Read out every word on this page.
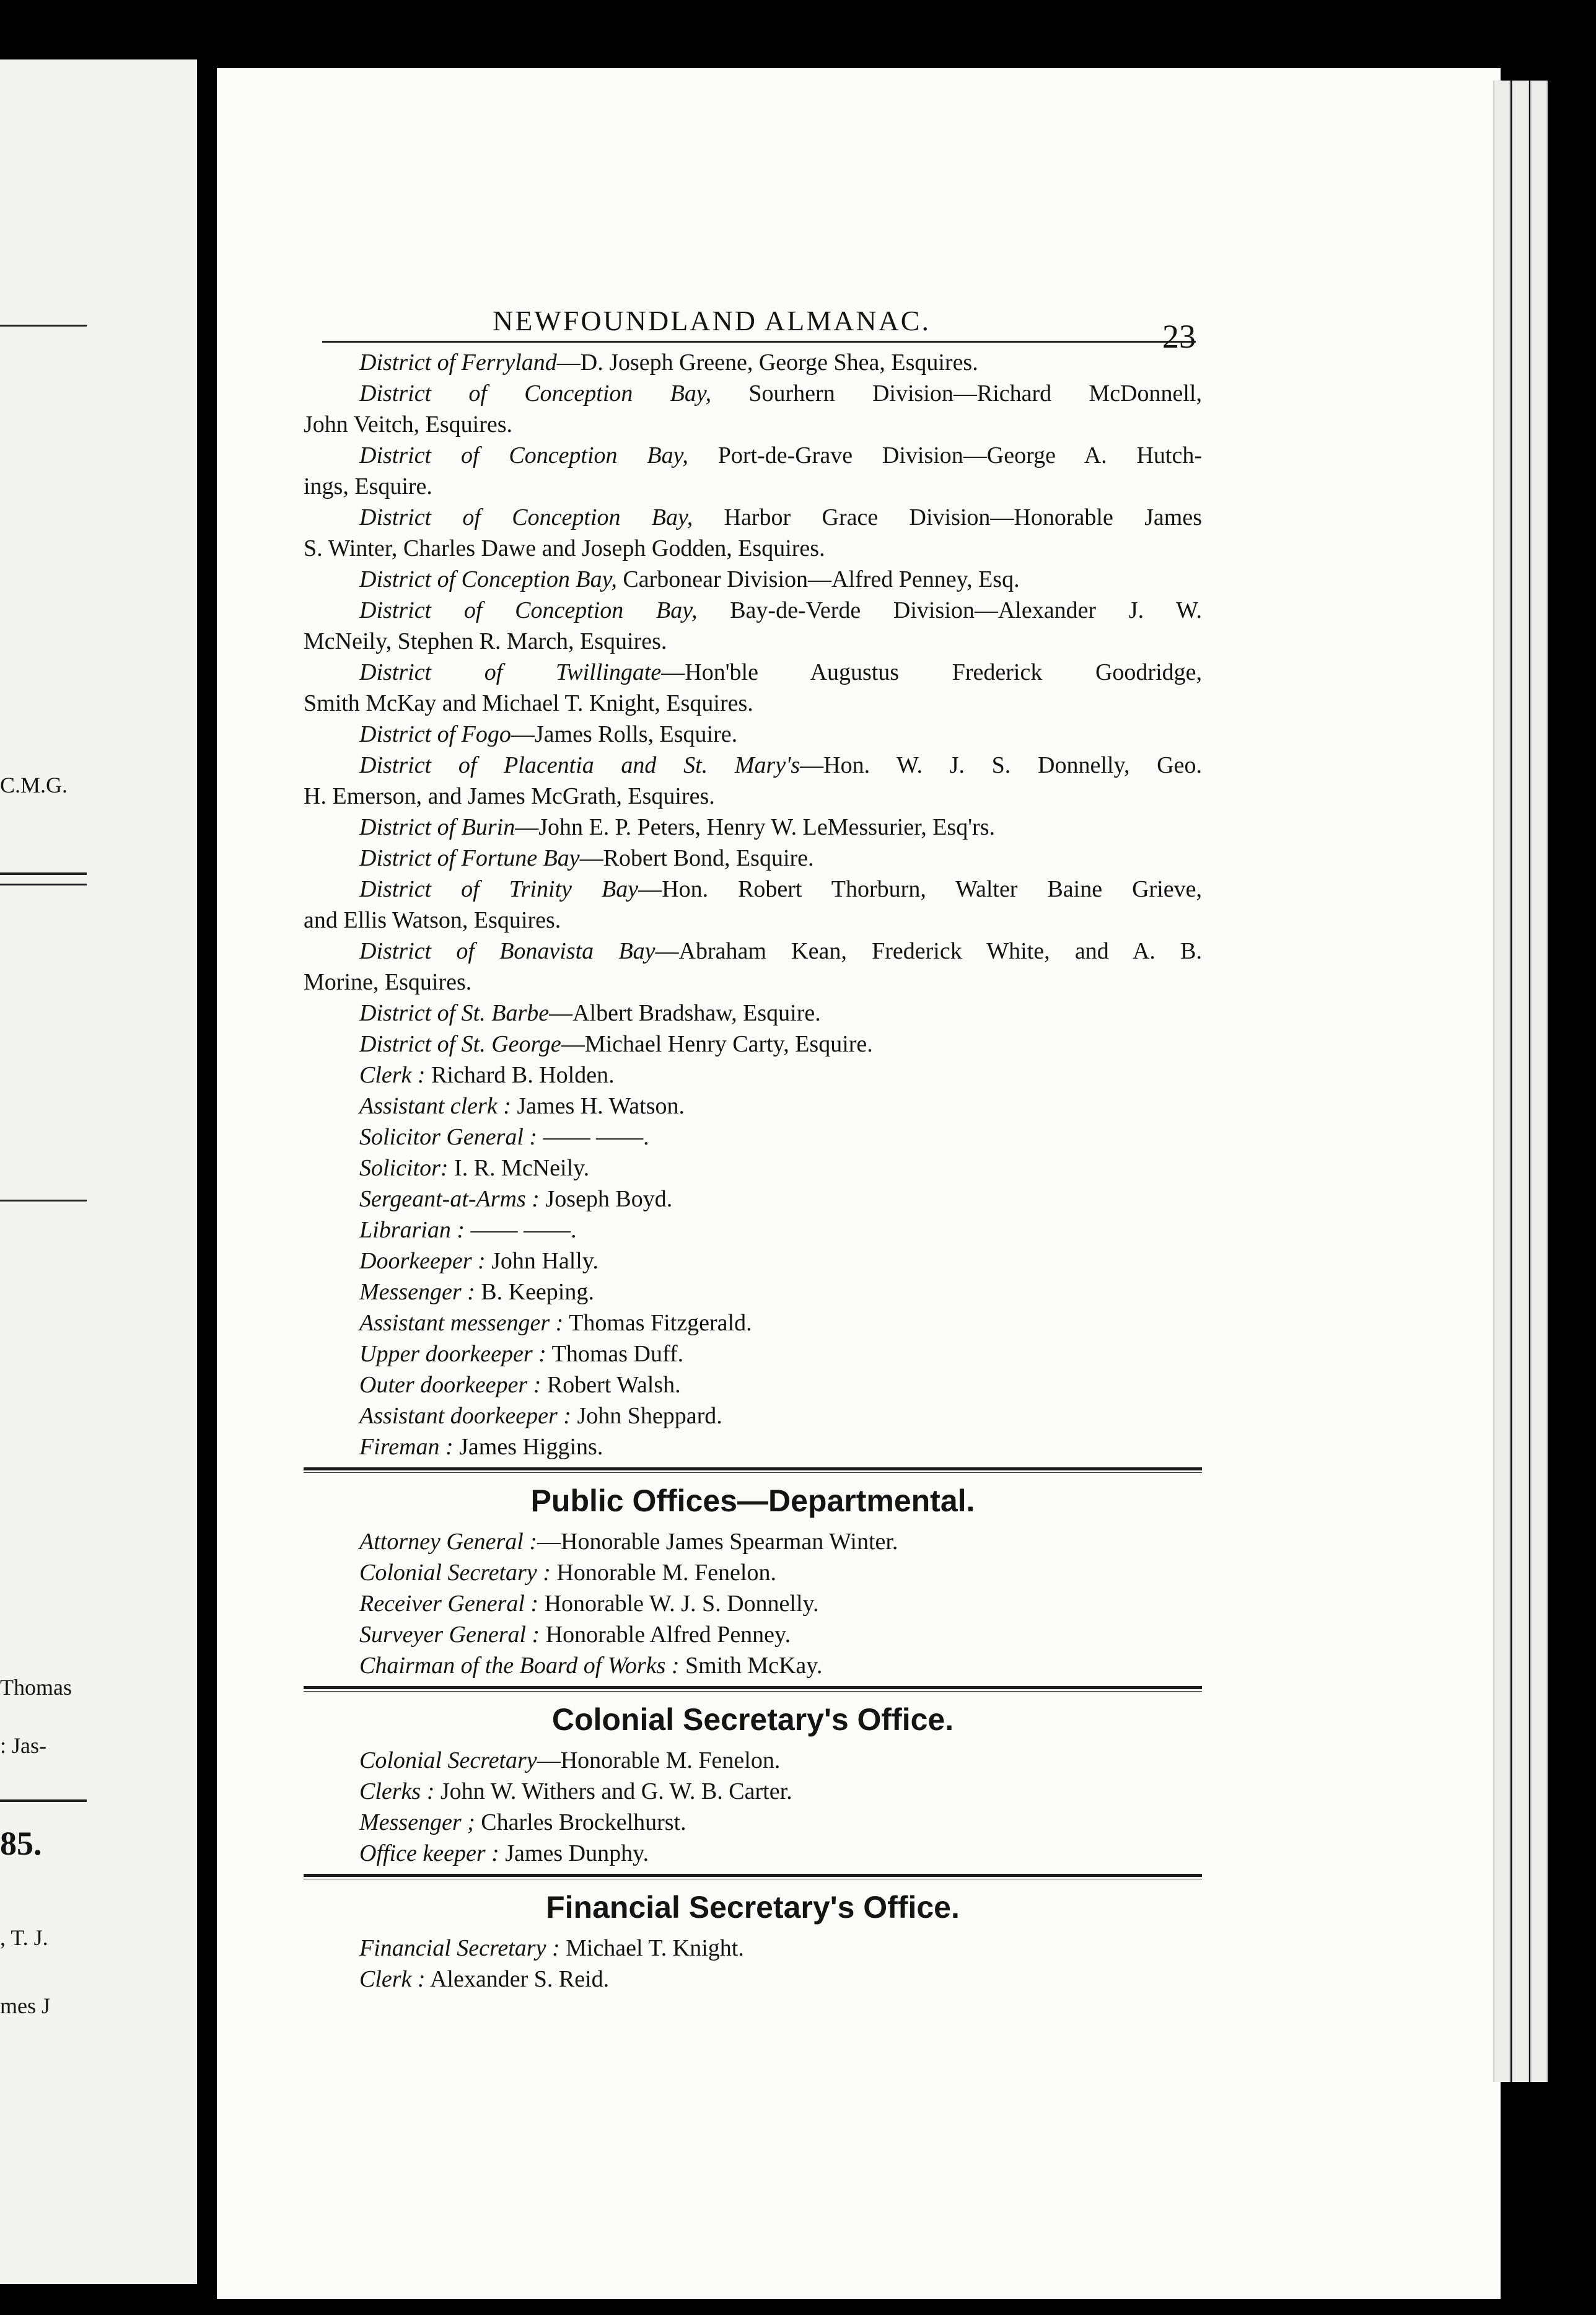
C.M.G.
Thomas
: Jas-
85.
, T. J.
mes J
NEWFOUNDLAND ALMANAC.	23
District of Ferryland—D. Joseph Greene, George Shea, Esquires.
District of Conception Bay, Sourhern Division—Richard McDonnell,
John Veitch, Esquires.
District of Conception Bay, Port-de-Grave Division—George A. Hutch-
ings, Esquire.
District of Conception Bay, Harbor Grace Division—Honorable James
S. Winter, Charles Dawe and Joseph Godden, Esquires.
District of Conception Bay, Carbonear Division—Alfred Penney, Esq.
District of Conception Bay, Bay-de-Verde Division—Alexander J. W.
McNeily, Stephen R. March, Esquires.
District of Twillingate—Hon'ble Augustus Frederick Goodridge,
Smith McKay and Michael T. Knight, Esquires.
District of Fogo—James Rolls, Esquire.
District of Placentia and St. Mary's—Hon. W. J. S. Donnelly, Geo.
H. Emerson, and James McGrath, Esquires.
District of Burin—John E. P. Peters, Henry W. LeMessurier, Esq'rs.
District of Fortune Bay—Robert Bond, Esquire.
District of Trinity Bay—Hon. Robert Thorburn, Walter Baine Grieve,
and Ellis Watson, Esquires.
District of Bonavista Bay—Abraham Kean, Frederick White, and A. B.
Morine, Esquires.
District of St. Barbe—Albert Bradshaw, Esquire.
District of St. George—Michael Henry Carty, Esquire.
Clerk : Richard B. Holden.
Assistant clerk : James H. Watson.
Solicitor General : —— ——.
Solicitor: I. R. McNeily.
Sergeant-at-Arms : Joseph Boyd.
Librarian : —— ——.
Doorkeeper : John Hally.
Messenger : B. Keeping.
Assistant messenger : Thomas Fitzgerald.
Upper doorkeeper : Thomas Duff.
Outer doorkeeper : Robert Walsh.
Assistant doorkeeper : John Sheppard.
Fireman : James Higgins.
Public Offices—Departmental.
Attorney General :—Honorable James Spearman Winter.
Colonial Secretary : Honorable M. Fenelon.
Receiver General : Honorable W. J. S. Donnelly.
Surveyer General : Honorable Alfred Penney.
Chairman of the Board of Works : Smith McKay.
Colonial Secretary's Office.
Colonial Secretary—Honorable M. Fenelon.
Clerks : John W. Withers and G. W. B. Carter.
Messenger ; Charles Brockelhurst.
Office keeper : James Dunphy.
Financial Secretary's Office.
Financial Secretary : Michael T. Knight.
Clerk : Alexander S. Reid.
